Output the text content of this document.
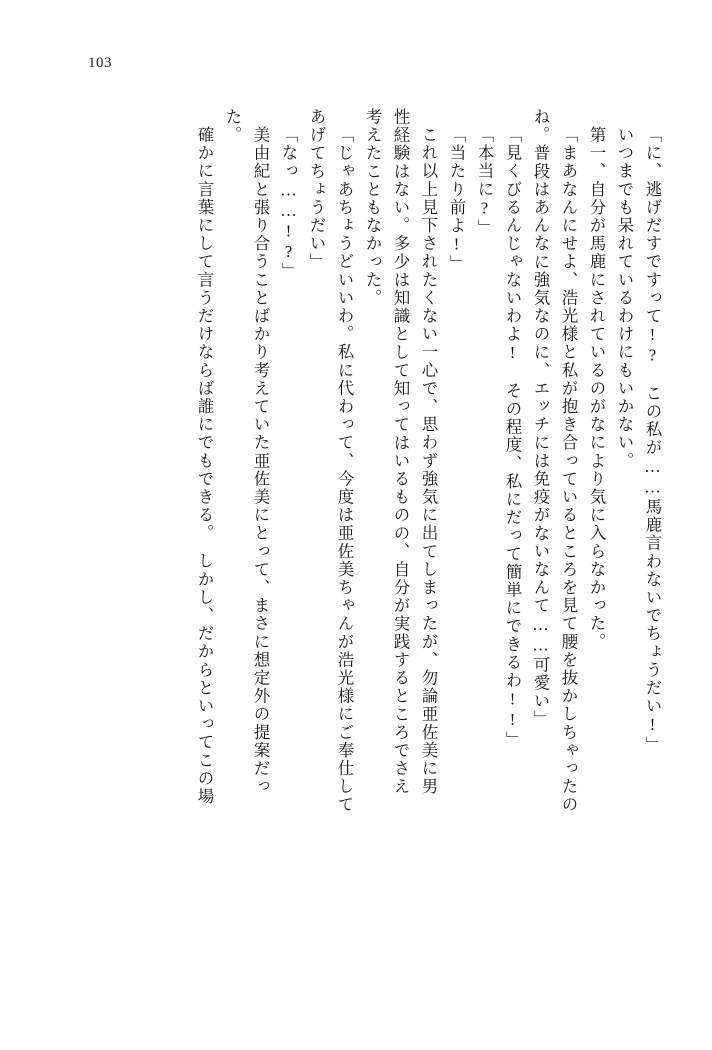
103
「に、逃げだすですって!?　この私が……馬鹿言わないでちょうだい!」
いつまでも呆れているわけにもいかない。
第一、自分が馬鹿にされているのがなにより気に入らなかった。
「まあなんにせよ、浩光様と私が抱き合っているところを見て腰を抜かしちゃったの
ね。普段はあんなに強気なのに、エッチには免疫がないなんて……可愛い」
「見くびるんじゃないわよ!　その程度、私にだって簡単にできるわ!!」
「本当に?」
「当たり前よ!」
これ以上見下されたくない一心で、思わず強気に出てしまったが、勿論亜佐美に男
性経験はない。多少は知識として知ってはいるものの、自分が実践するところでさえ
考えたこともなかった。
「じゃあちょうどいいわ。私に代わって、今度は亜佐美ちゃんが浩光様にご奉仕して
あげてちょうだい」
「なっ……!?」
美由紀と張り合うことばかり考えていた亜佐美にとって、まさに想定外の提案だっ
た。
確かに言葉にして言うだけならば誰にでもできる。　しかし、だからといってこの場
